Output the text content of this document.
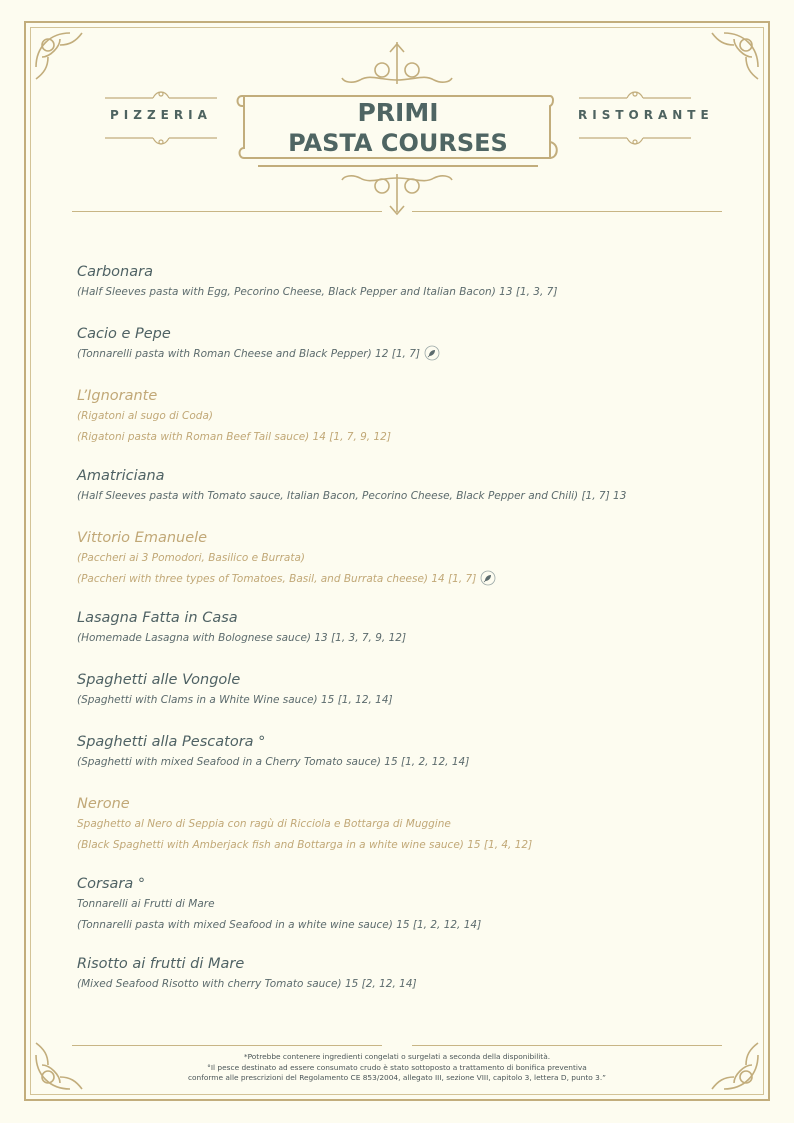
PIZZERIA	RISTORANTE
PRIMI
PASTA COURSES
Carbonara
(Half Sleeves pasta with Egg, Pecorino Cheese, Black Pepper and Italian Bacon) 13 [1, 3, 7]
Cacio e Pepe
(Tonnarelli pasta with Roman Cheese and Black Pepper) 12 [1, 7]
L’Ignorante
(Rigatoni al sugo di Coda)
(Rigatoni pasta with Roman Beef Tail sauce) 14 [1, 7, 9, 12]
Amatriciana
(Half Sleeves pasta with Tomato sauce, Italian Bacon, Pecorino Cheese, Black Pepper and Chili) [1, 7] 13
Vittorio Emanuele
(Paccheri ai 3 Pomodori, Basilico e Burrata)
(Paccheri with three types of Tomatoes, Basil, and Burrata cheese) 14 [1, 7]
Lasagna Fatta in Casa
(Homemade Lasagna with Bolognese sauce) 13 [1, 3, 7, 9, 12]
Spaghetti alle Vongole
(Spaghetti with Clams in a White Wine sauce) 15 [1, 12, 14]
Spaghetti alla Pescatora °
(Spaghetti with mixed Seafood in a Cherry Tomato sauce) 15 [1, 2, 12, 14]
Nerone
Spaghetto al Nero di Seppia con ragù di Ricciola e Bottarga di Muggine
(Black Spaghetti with Amberjack fish and Bottarga in a white wine sauce) 15 [1, 4, 12]
Corsara °
Tonnarelli ai Frutti di Mare
(Tonnarelli pasta with mixed Seafood in a white wine sauce) 15 [1, 2, 12, 14]
Risotto ai frutti di Mare
(Mixed Seafood Risotto with cherry Tomato sauce) 15 [2, 12, 14]
*Potrebbe contenere ingredienti congelati o surgelati a seconda della disponibilità.
°Il pesce destinato ad essere consumato crudo è stato sottoposto a trattamento di bonifica preventiva
conforme alle prescrizioni del Regolamento CE 853/2004, allegato III, sezione VIII, capitolo 3, lettera D, punto 3.”
